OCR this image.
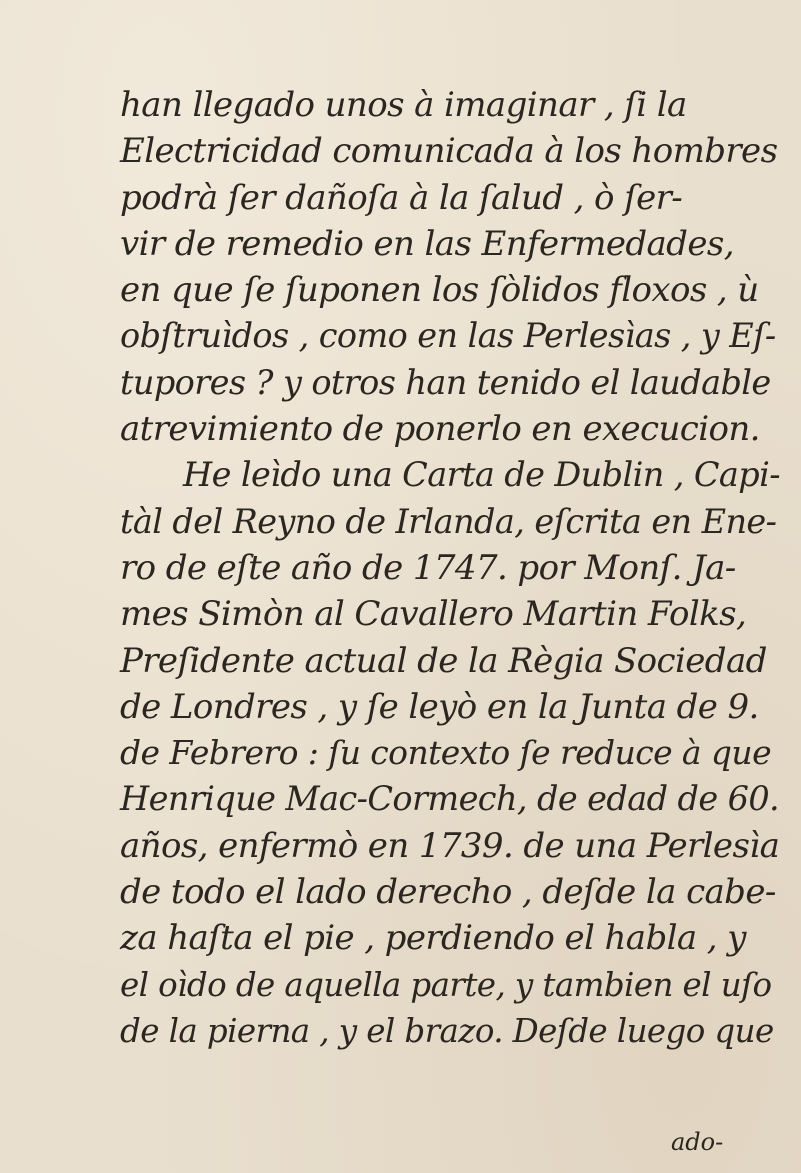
han llegado unos à imaginar , ſi la
Electricidad comunicada à los hombres
podrà ſer dañoſa à la ſalud , ò ſer-
vir de remedio en las Enfermedades,
en que ſe ſuponen los ſòlidos floxos , ù
obſtruìdos , como en las Perlesìas , y Eſ-
tupores ? y otros han tenido el laudable
atrevimiento de ponerlo en execucion.
He leìdo una Carta de Dublin , Capi-
tàl del Reyno de Irlanda, eſcrita en Ene-
ro de eſte año de 1747. por Monſ. Ja-
mes Simòn al Cavallero Martin Folks,
Preſidente actual de la Règia Sociedad
de Londres , y ſe leyò en la Junta de 9.
de Febrero : ſu contexto ſe reduce à que
Henrique Mac-Cormech, de edad de 60.
años, enfermò en 1739. de una Perlesìa
de todo el lado derecho , deſde la cabe-
za haſta el pie , perdiendo el habla , y
el oìdo de aquella parte, y tambien el uſo
de la pierna , y el brazo. Deſde luego que
ado-
